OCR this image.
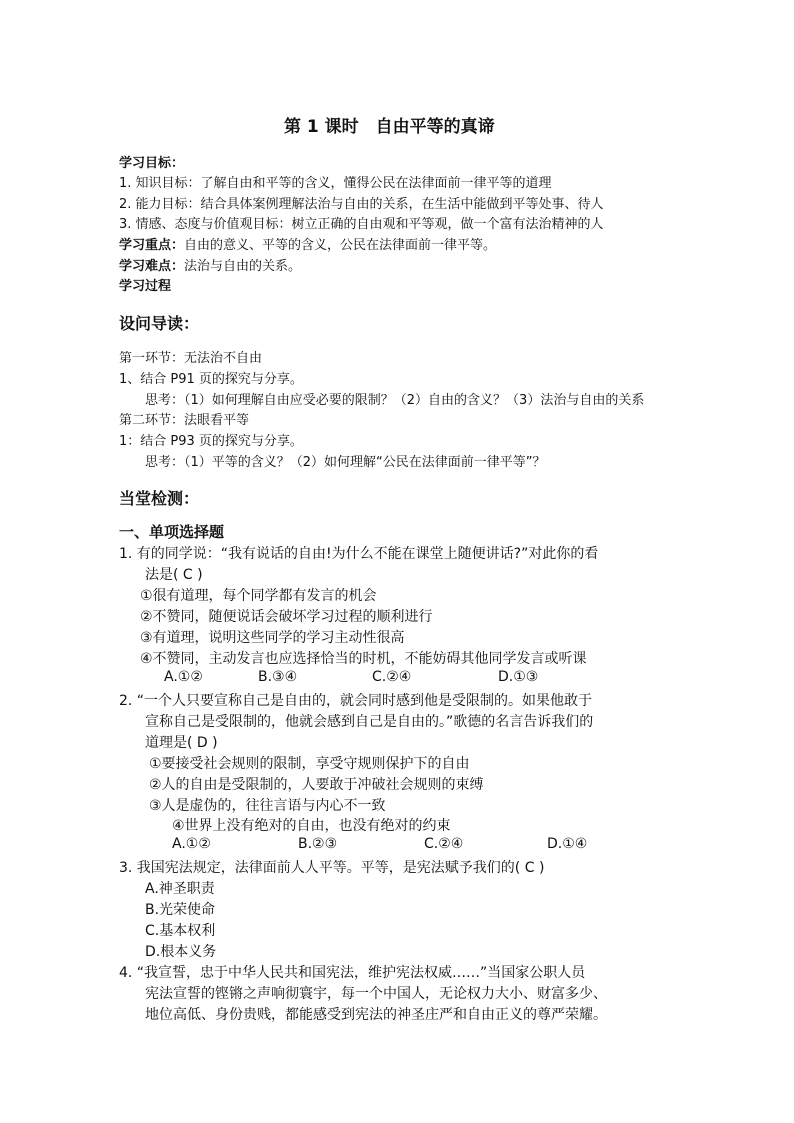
第 1 课时　自由平等的真谛
学习目标：
1. 知识目标：了解自由和平等的含义，懂得公民在法律面前一律平等的道理
2. 能力目标：结合具体案例理解法治与自由的关系，在生活中能做到平等处事、待人
3. 情感、态度与价值观目标：树立正确的自由观和平等观，做一个富有法治精神的人
学习重点：自由的意义、平等的含义，公民在法律面前一律平等。
学习难点：法治与自由的关系。
学习过程
设问导读：
第一环节：无法治不自由
1、结合 P91 页的探究与分享。
思考：（1）如何理解自由应受必要的限制？（2）自由的含义？（3）法治与自由的关系
第二环节：法眼看平等
1：结合 P93 页的探究与分享。
思考：（1）平等的含义？（2）如何理解“公民在法律面前一律平等”？
当堂检测：
一、单项选择题
1. 有的同学说：“我有说话的自由!为什么不能在课堂上随便讲话?”对此你的看
法是( C )
①很有道理，每个同学都有发言的机会
②不赞同，随便说话会破坏学习过程的顺利进行
③有道理，说明这些同学的学习主动性很高
④不赞同，主动发言也应选择恰当的时机，不能妨碍其他同学发言或听课
A.①②	B.③④	C.②④	D.①③
2. “一个人只要宣称自己是自由的，就会同时感到他是受限制的。如果他敢于
宣称自己是受限制的，他就会感到自己是自由的。”歌德的名言告诉我们的
道理是( D )
①要接受社会规则的限制，享受守规则保护下的自由
②人的自由是受限制的，人要敢于冲破社会规则的束缚
③人是虚伪的，往往言语与内心不一致
④世界上没有绝对的自由，也没有绝对的约束
A.①②	B.②③	C.②④	D.①④
3. 我国宪法规定，法律面前人人平等。平等，是宪法赋予我们的( C )
A.神圣职责
B.光荣使命
C.基本权利
D.根本义务
4. “我宣誓，忠于中华人民共和国宪法，维护宪法权威……”当国家公职人员
宪法宣誓的铿锵之声响彻寰宇，每一个中国人，无论权力大小、财富多少、
地位高低、身份贵贱，都能感受到宪法的神圣庄严和自由正义的尊严荣耀。
